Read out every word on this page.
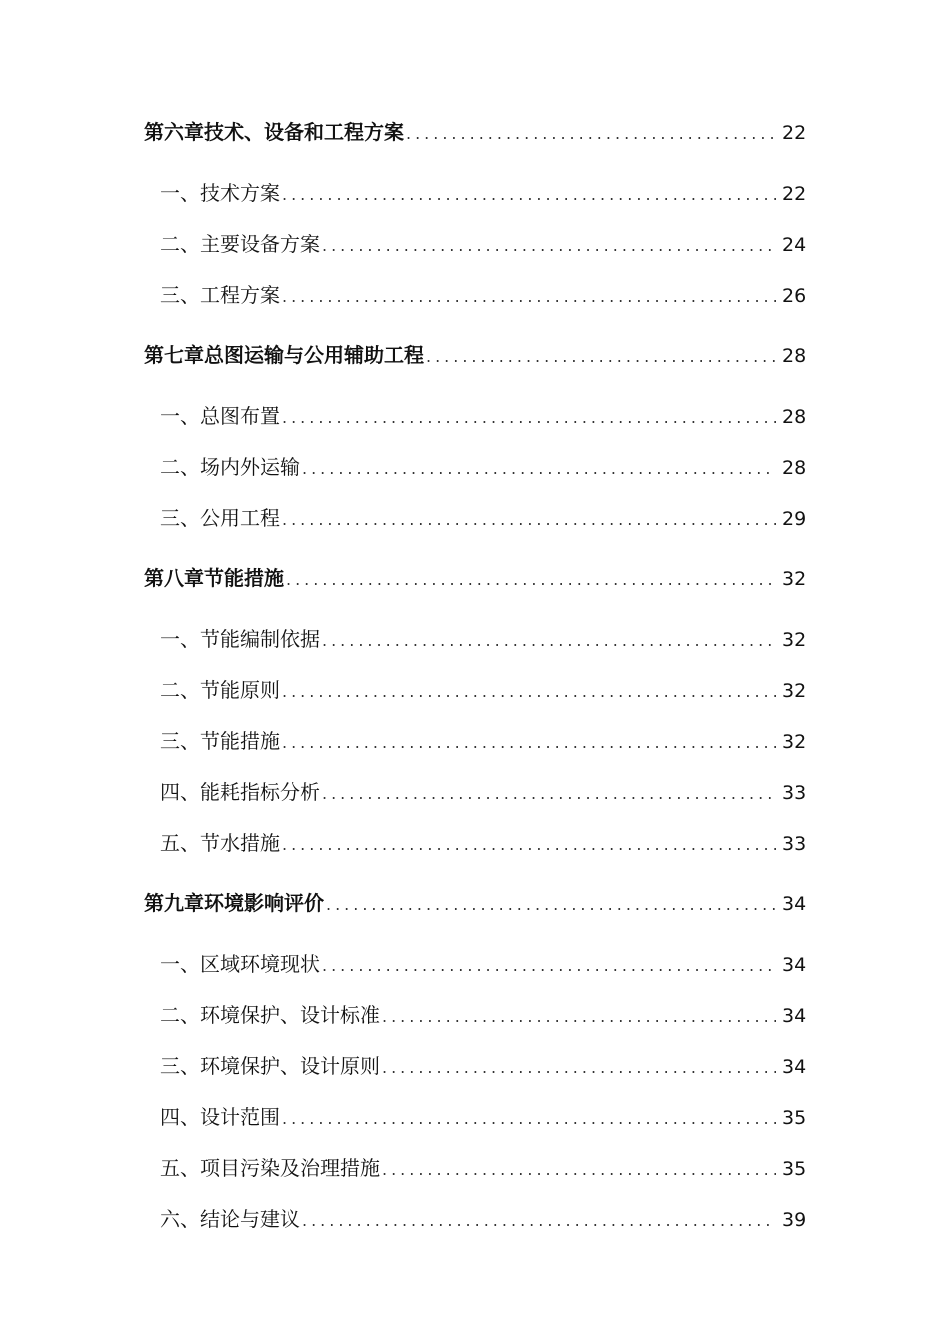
第六章 技术、设备和工程方案 .....	22
一、 技术方案 .....	22
二、 主要设备方案 .....	24
三、 工程方案 .....	26
第七章 总图运输与公用辅助工程 .....	28
一、 总图布置 .....	28
二、 场内外运输 .....	28
三、 公用工程 .....	29
第八章 节能措施 .....	32
一、 节能编制依据 .....	32
二、 节能原则 .....	32
三、 节能措施 .....	32
四、 能耗指标分析 .....	33
五、 节水措施 .....	33
第九章 环境影响评价 .....	34
一、 区域环境现状 .....	34
二、 环境保护、设计标准 .....	34
三、 环境保护、设计原则 .....	34
四、 设计范围 .....	35
五、 项目污染及治理措施 .....	35
六、 结论与建议 .....	39
